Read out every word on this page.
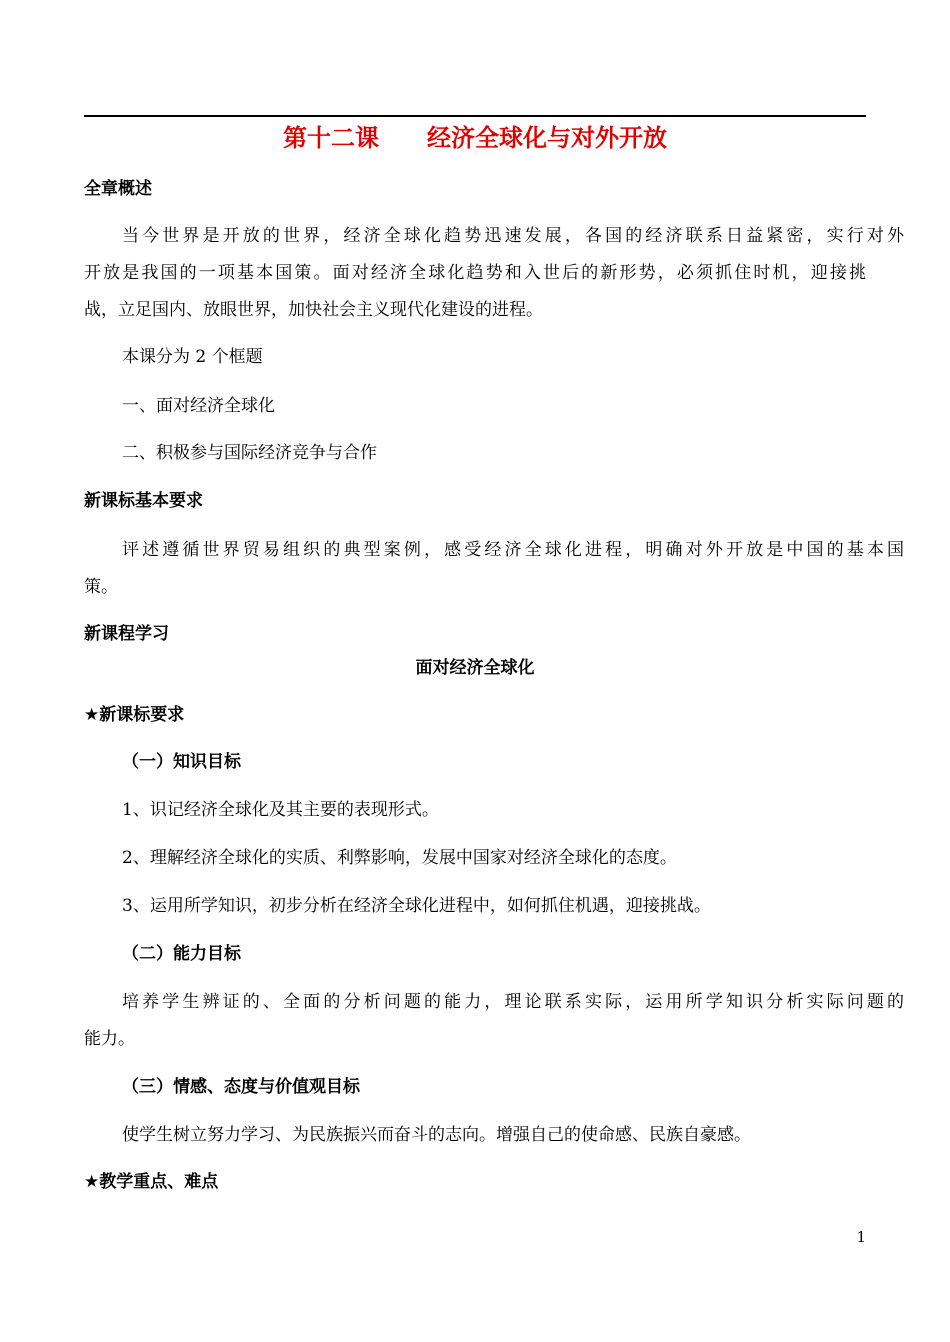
第十二课　　经济全球化与对外开放
全章概述
当今世界是开放的世界，经济全球化趋势迅速发展，各国的经济联系日益紧密，实行对外
开放是我国的一项基本国策。面对经济全球化趋势和入世后的新形势，必须抓住时机，迎接挑
战，立足国内、放眼世界，加快社会主义现代化建设的进程。
本课分为 2 个框题
一、面对经济全球化
二、积极参与国际经济竞争与合作
新课标基本要求
评述遵循世界贸易组织的典型案例，感受经济全球化进程，明确对外开放是中国的基本国
策。
新课程学习
面对经济全球化
★新课标要求
（一）知识目标
1、识记经济全球化及其主要的表现形式。
2、理解经济全球化的实质、利弊影响，发展中国家对经济全球化的态度。
3、运用所学知识，初步分析在经济全球化进程中，如何抓住机遇，迎接挑战。
（二）能力目标
培养学生辨证的、全面的分析问题的能力，理论联系实际，运用所学知识分析实际问题的
能力。
（三）情感、态度与价值观目标
使学生树立努力学习、为民族振兴而奋斗的志向。增强自己的使命感、民族自豪感。
★教学重点、难点
1
